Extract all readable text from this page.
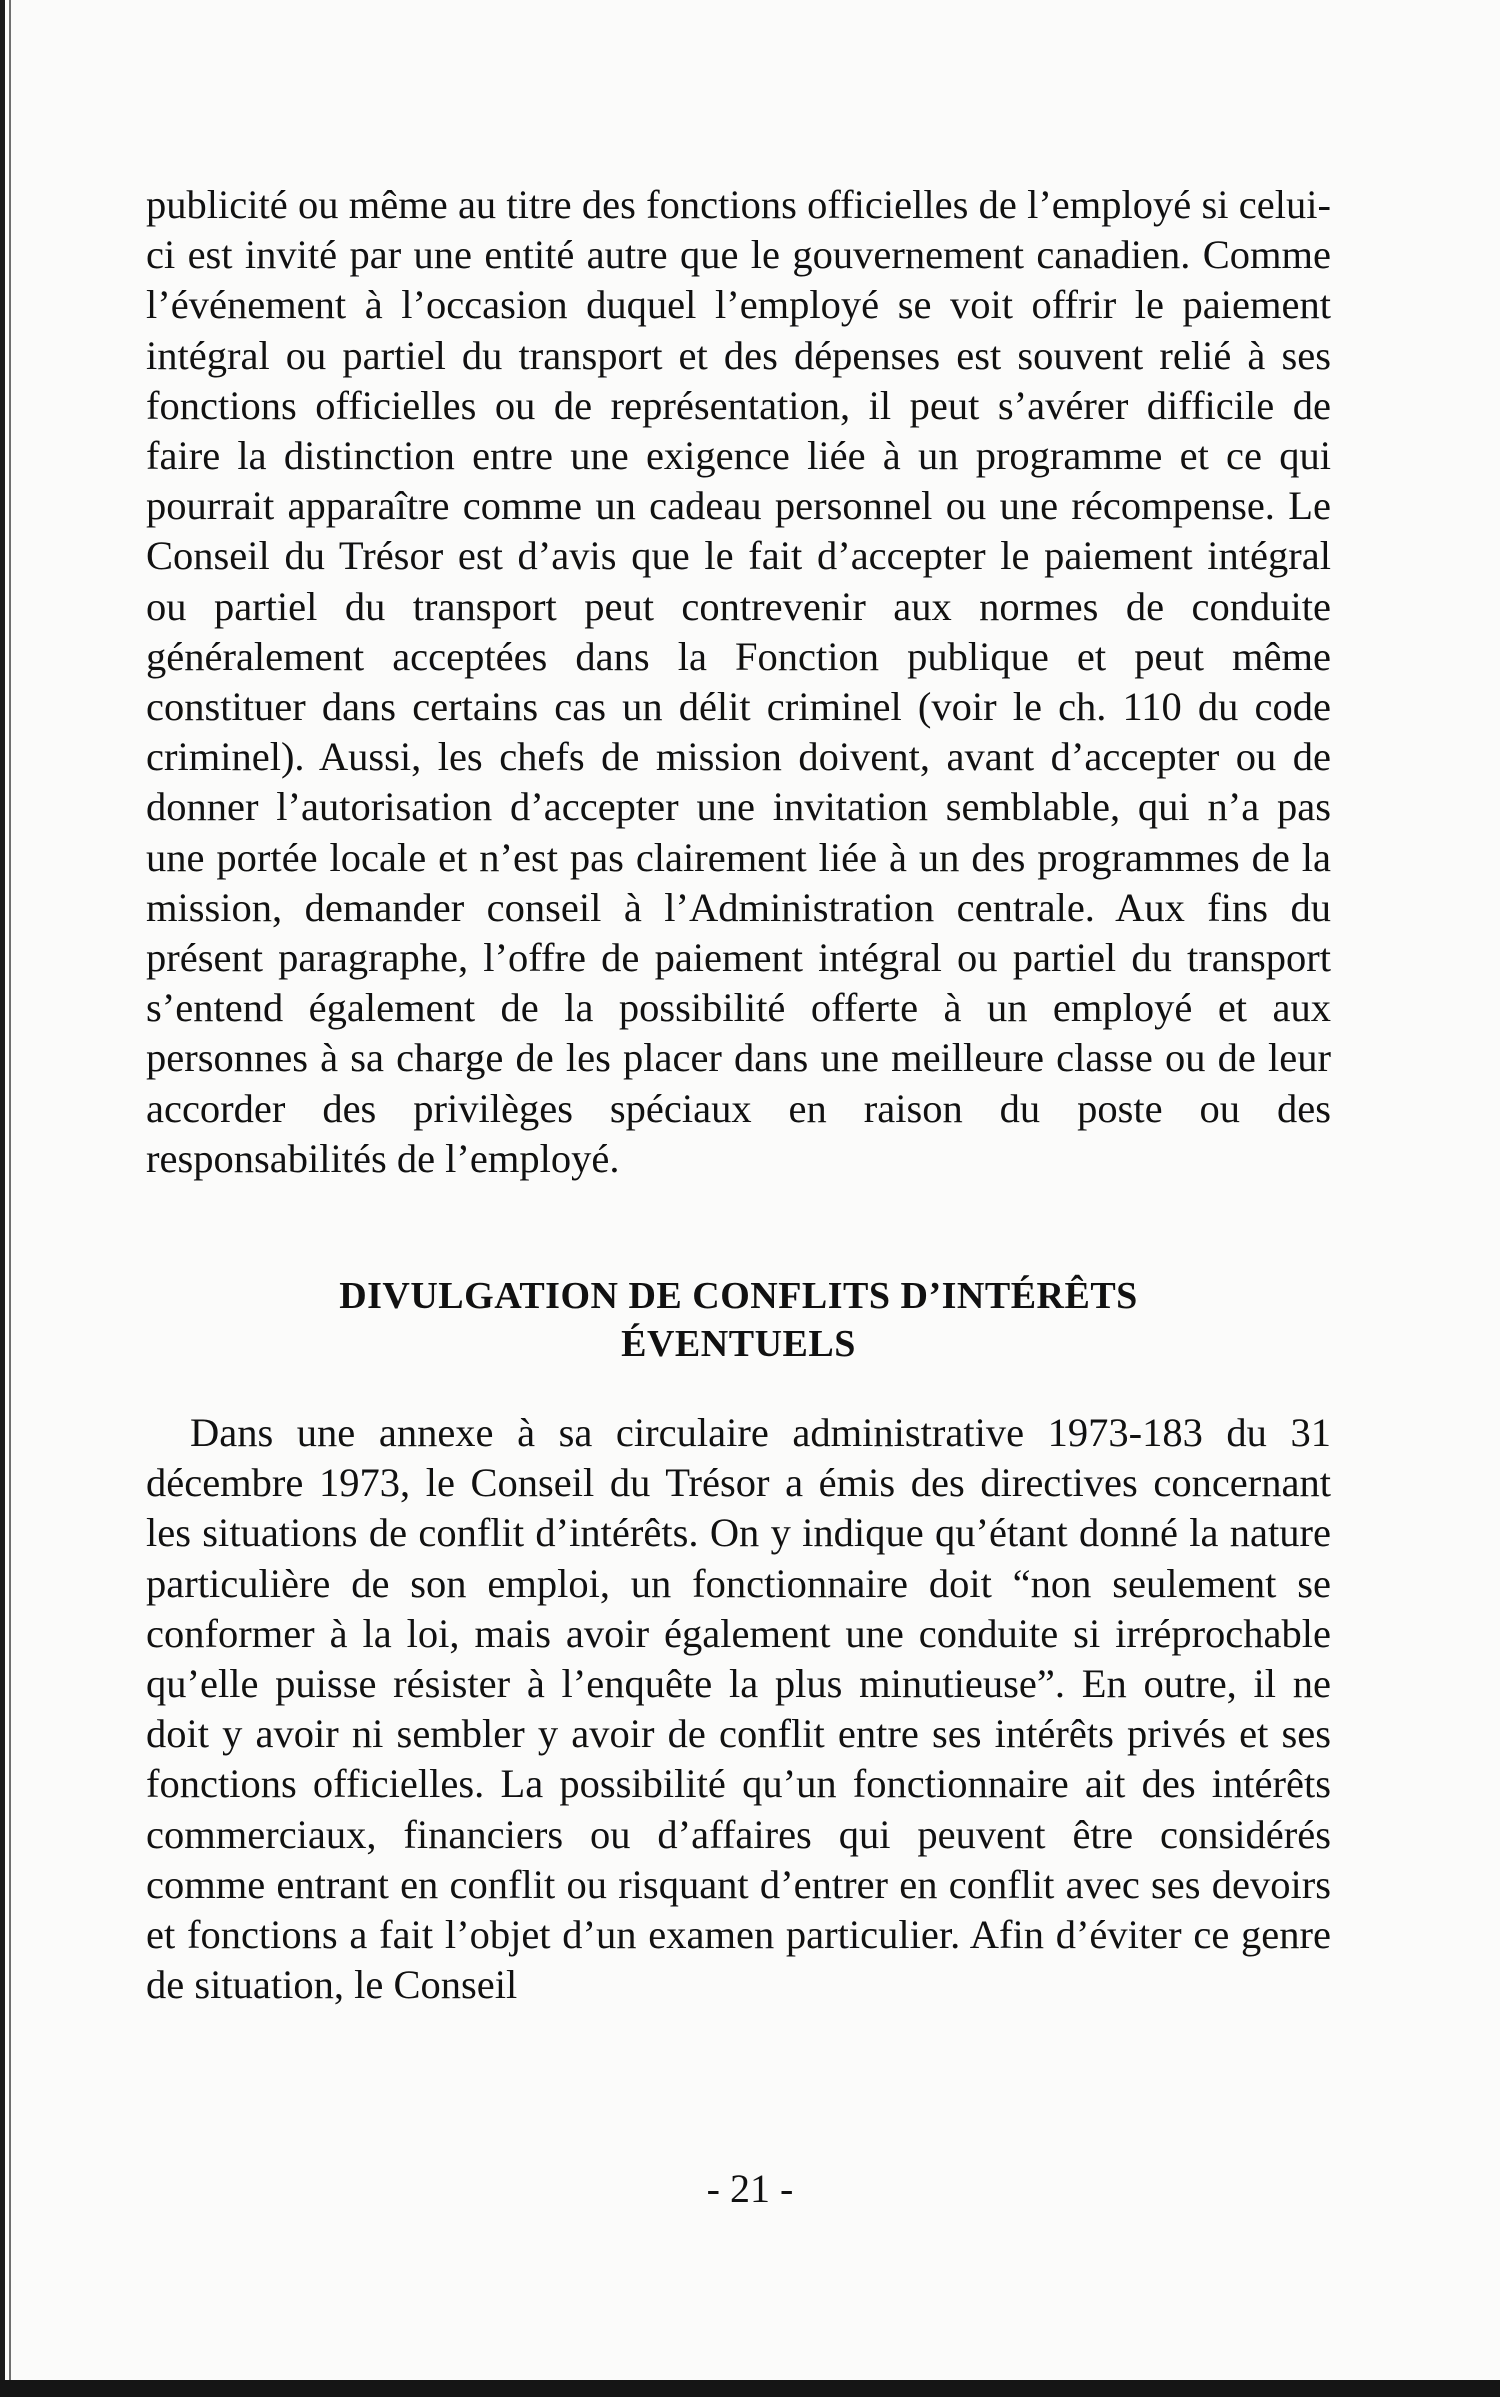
publicité ou même au titre des fonctions officielles de l’employé si celui-ci est invité par une entité autre que le gouvernement canadien. Comme l’événement à l’occasion duquel l’employé se voit offrir le paiement intégral ou partiel du transport et des dépenses est souvent relié à ses fonctions officielles ou de représentation, il peut s’avérer difficile de faire la distinction entre une exigence liée à un programme et ce qui pourrait apparaître comme un cadeau personnel ou une récompense. Le Conseil du Trésor est d’avis que le fait d’accepter le paiement intégral ou partiel du transport peut contrevenir aux normes de conduite généralement acceptées dans la Fonction publique et peut même constituer dans certains cas un délit criminel (voir le ch. 110 du code criminel). Aussi, les chefs de mission doivent, avant d’accepter ou de donner l’autorisation d’accepter une invitation semblable, qui n’a pas une portée locale et n’est pas clairement liée à un des programmes de la mission, demander conseil à l’Administration centrale. Aux fins du présent paragraphe, l’offre de paiement intégral ou partiel du transport s’entend également de la possibilité offerte à un employé et aux personnes à sa charge de les placer dans une meilleure classe ou de leur accorder des privilèges spéciaux en raison du poste ou des responsabilités de l’employé.

DIVULGATION DE CONFLITS D’INTÉRÊTS
ÉVENTUELS

Dans une annexe à sa circulaire administrative 1973-183 du 31 décembre 1973, le Conseil du Trésor a émis des directives concernant les situations de conflit d’intérêts. On y indique qu’étant donné la nature particulière de son emploi, un fonctionnaire doit “non seulement se conformer à la loi, mais avoir également une conduite si irréprochable qu’elle puisse résister à l’enquête la plus minutieuse”. En outre, il ne doit y avoir ni sembler y avoir de conflit entre ses intérêts privés et ses fonctions officielles. La possibilité qu’un fonctionnaire ait des intérêts commerciaux, financiers ou d’affaires qui peuvent être considérés comme entrant en conflit ou risquant d’entrer en conflit avec ses devoirs et fonctions a fait l’objet d’un examen particulier. Afin d’éviter ce genre de situation, le Conseil

- 21 -
